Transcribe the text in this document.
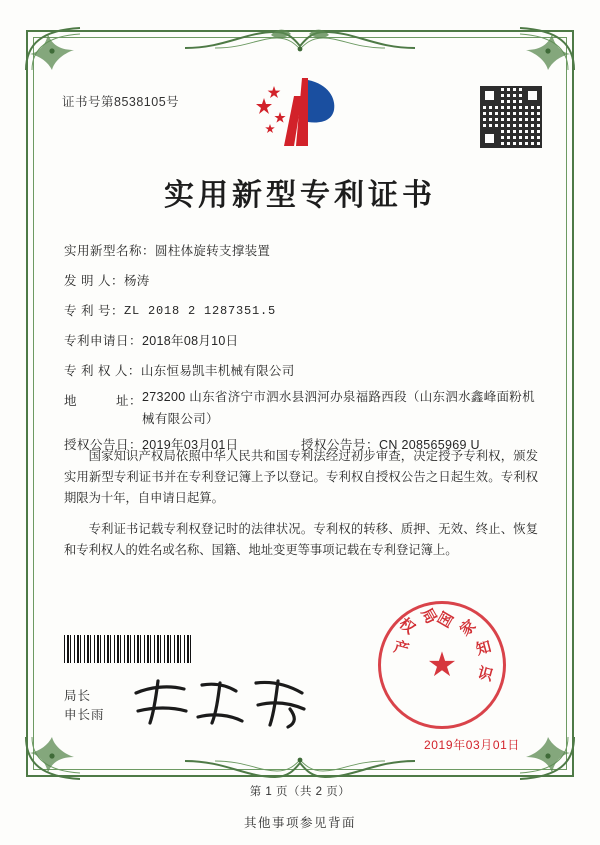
证书号第8538105号
实用新型专利证书
实用新型名称： 圆柱体旋转支撑装置
发 明 人： 杨涛
专 利 号： ZL 2018 2 1287351.5
专利申请日： 2018年08月10日
专 利 权 人： 山东恒易凯丰机械有限公司
地　　　址： 273200 山东省济宁市泗水县泗河办泉福路西段（山东泗水鑫峰面粉机械有限公司）
授权公告日： 2019年03月01日	授权公告号： CN 208565969 U

国家知识产权局依照中华人民共和国专利法经过初步审查，决定授予专利权，颁发实用新型专利证书并在专利登记簿上予以登记。专利权自授权公告之日起生效。专利权期限为十年，自申请日起算。

专利证书记载专利权登记时的法律状况。专利权的转移、质押、无效、终止、恢复和专利权人的姓名或名称、国籍、地址变更等事项记载在专利登记簿上。

局长
申长雨
★
国
家
知
识
产
权
局
2019年03月01日
第 1 页（共 2 页）
其他事项参见背面
